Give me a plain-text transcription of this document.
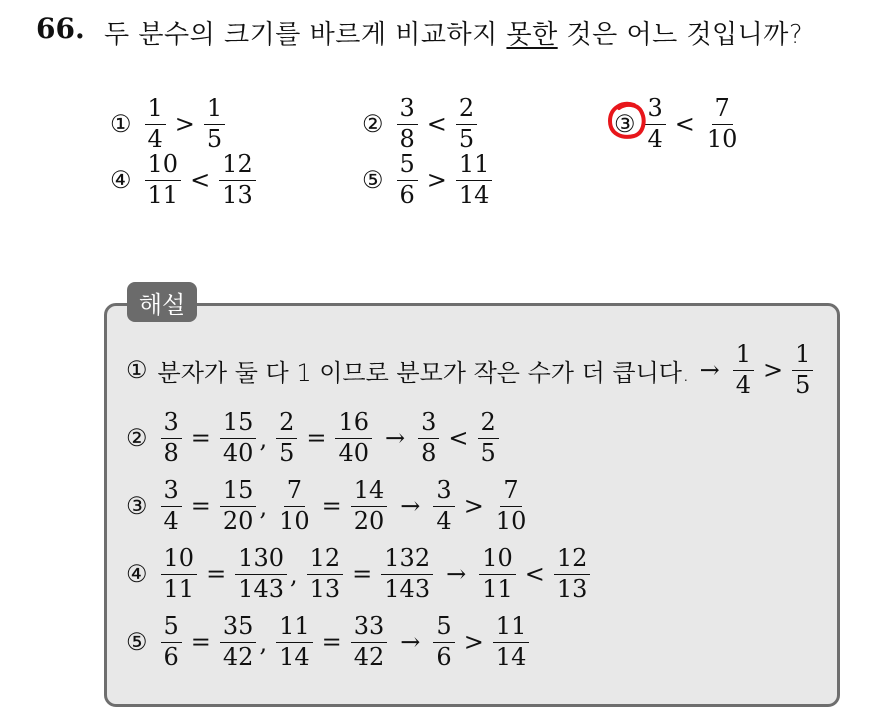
66. 두 분수의 크기를 바르게 비교하지 못한 것은 어느 것입니까?
① $\frac{1}{4} > \frac{1}{5}$	② $\frac{3}{8} < \frac{2}{5}$	③ $\frac{3}{4} < \frac{7}{10}$
④ $\frac{10}{11} < \frac{12}{13}$	⑤ $\frac{5}{6} > \frac{11}{14}$
해설
① 분자가 둘 다 1 이므로 분모가 작은 수가 더 큽니다. → $\frac{1}{4} > \frac{1}{5}$
② $\frac{3}{8} = \frac{15}{40}$ , $\frac{2}{5} = \frac{16}{40} \to \frac{3}{8} < \frac{2}{5}$
③ $\frac{3}{4} = \frac{15}{20}$ , $\frac{7}{10} = \frac{14}{20} \to \frac{3}{4} > \frac{7}{10}$
④ $\frac{10}{11} = \frac{130}{143}$ , $\frac{12}{13} = \frac{132}{143} \to \frac{10}{11} < \frac{12}{13}$
⑤ $\frac{5}{6} = \frac{35}{42}$ , $\frac{11}{14} = \frac{33}{42} \to \frac{5}{6} > \frac{11}{14}$
